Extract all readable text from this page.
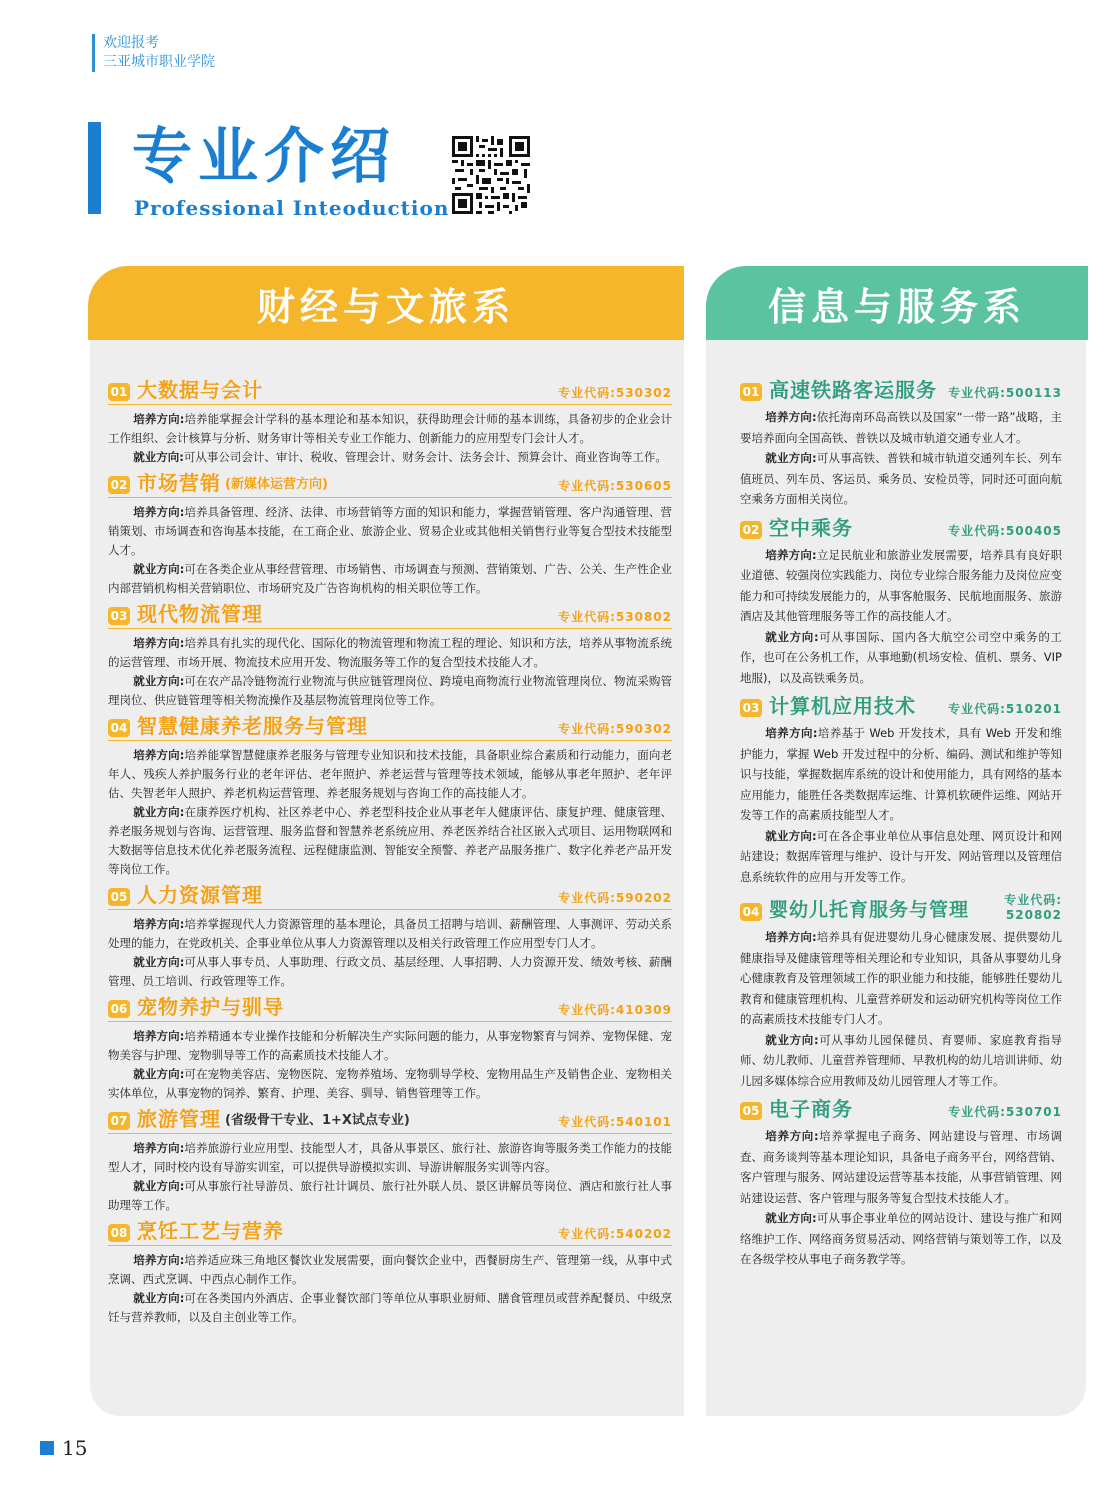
欢迎报考
三亚城市职业学院
专业介绍
Professional Inteoduction
财经与文旅系	信息与服务系
01 大数据与会计	专业代码:530302

培养方向:培养能掌握会计学科的基本理论和基本知识，获得助理会计师的基本训练，具备初步的企业会计工作组织、会计核算与分析、财务审计等相关专业工作能力、创新能力的应用型专门会计人才。

就业方向:可从事公司会计、审计、税收、管理会计、财务会计、法务会计、预算会计、商业咨询等工作。

02 市场营销 (新媒体运营方向)	专业代码:530605

培养方向:培养具备管理、经济、法律、市场营销等方面的知识和能力，掌握营销管理、客户沟通管理、营销策划、市场调查和咨询基本技能，在工商企业、旅游企业、贸易企业或其他相关销售行业等复合型技术技能型人才。

就业方向:可在各类企业从事经营管理、市场销售、市场调查与预测、营销策划、广告、公关、生产性企业内部营销机构相关营销职位、市场研究及广告咨询机构的相关职位等工作。

03 现代物流管理	专业代码:530802

培养方向:培养具有扎实的现代化、国际化的物流管理和物流工程的理论、知识和方法，培养从事物流系统的运营管理、市场开展、物流技术应用开发、物流服务等工作的复合型技术技能人才。

就业方向:可在农产品冷链物流行业物流与供应链管理岗位、跨境电商物流行业物流管理岗位、物流采购管理岗位、供应链管理等相关物流操作及基层物流管理岗位等工作。

04 智慧健康养老服务与管理	专业代码:590302

培养方向:培养能掌智慧健康养老服务与管理专业知识和技术技能，具备职业综合素质和行动能力，面向老年人、残疾人养护服务行业的老年评估、老年照护、养老运营与管理等技术领域，能够从事老年照护、老年评估、失智老年人照护、养老机构运营管理、养老服务规划与咨询工作的高技能人才。

就业方向:在康养医疗机构、社区养老中心、养老型科技企业从事老年人健康评估、康复护理、健康管理、养老服务规划与咨询、运营管理、服务监督和智慧养老系统应用、养老医养结合社区嵌入式项目、运用物联网和大数据等信息技术优化养老服务流程、远程健康监测、智能安全预警、养老产品服务推广、数字化养老产品开发等岗位工作。

05 人力资源管理	专业代码:590202

培养方向:培养掌握现代人力资源管理的基本理论，具备员工招聘与培训、薪酬管理、人事测评、劳动关系处理的能力，在党政机关、企事业单位从事人力资源管理以及相关行政管理工作应用型专门人才。

就业方向:可从事人事专员、人事助理、行政文员、基层经理、人事招聘、人力资源开发、绩效考核、薪酬管理、员工培训、行政管理等工作。

06 宠物养护与驯导	专业代码:410309

培养方向:培养精通本专业操作技能和分析解决生产实际问题的能力，从事宠物繁育与饲养、宠物保健、宠物美容与护理、宠物驯导等工作的高素质技术技能人才。

就业方向:可在宠物美容店、宠物医院、宠物养殖场、宠物驯导学校、宠物用品生产及销售企业、宠物相关实体单位，从事宠物的饲养、繁育、护理、美容、驯导、销售管理等工作。

07 旅游管理 (省级骨干专业、1+X试点专业)	专业代码:540101

培养方向:培养旅游行业应用型、技能型人才，具备从事景区、旅行社、旅游咨询等服务类工作能力的技能型人才，同时校内设有导游实训室，可以提供导游模拟实训、导游讲解服务实训等内容。

就业方向:可从事旅行社导游员、旅行社计调员、旅行社外联人员、景区讲解员等岗位、酒店和旅行社人事助理等工作。

08 烹饪工艺与营养	专业代码:540202

培养方向:培养适应珠三角地区餐饮业发展需要，面向餐饮企业中，西餐厨房生产、管理第一线，从事中式烹调、西式烹调、中西点心制作工作。

就业方向:可在各类国内外酒店、企事业餐饮部门等单位从事职业厨师、膳食管理员或营养配餐员、中级烹饪与营养教师，以及自主创业等工作。

01 高速铁路客运服务 专业代码:500113

培养方向:依托海南环岛高铁以及国家“一带一路”战略，主要培养面向全国高铁、普铁以及城市轨道交通专业人才。

就业方向:可从事高铁、普铁和城市轨道交通列车长、列车值班员、列车员、客运员、乘务员、安检员等，同时还可面向航空乘务方面相关岗位。

02 空中乘务	专业代码:500405

培养方向:立足民航业和旅游业发展需要，培养具有良好职业道德、较强岗位实践能力、岗位专业综合服务能力及岗位应变能力和可持续发展能力的，从事客舱服务、民航地面服务、旅游酒店及其他管理服务等工作的高技能人才。

就业方向:可从事国际、国内各大航空公司空中乘务的工作，也可在公务机工作，从事地勤(机场安检、值机、票务、VIP 地服)，以及高铁乘务员。

03 计算机应用技术	专业代码:510201

培养方向:培养基于 Web 开发技术，具有 Web 开发和维护能力，掌握 Web 开发过程中的分析、编码、测试和维护等知识与技能，掌握数据库系统的设计和使用能力，具有网络的基本应用能力，能胜任各类数据库运维、计算机软硬件运维、网站开发等工作的高素质技能型人才。

就业方向:可在各企事业单位从事信息处理、网页设计和网站建设；数据库管理与维护、设计与开发、网站管理以及管理信息系统软件的应用与开发等工作。

04 婴幼儿托育服务与管理	专业代码:
520802

培养方向:培养具有促进婴幼儿身心健康发展、提供婴幼儿健康指导及健康管理等相关理论和专业知识，具备从事婴幼儿身心健康教育及管理领域工作的职业能力和技能，能够胜任婴幼儿教育和健康管理机构、儿童营养研发和运动研究机构等岗位工作的高素质技术技能专门人才。

就业方向:可从事幼儿园保健员、育婴师、家庭教育指导师、幼儿教师、儿童营养管理师、早教机构的幼儿培训讲师、幼儿园多媒体综合应用教师及幼儿园管理人才等工作。

05 电子商务	专业代码:530701

培养方向:培养掌握电子商务、网站建设与管理、市场调查、商务谈判等基本理论知识，具备电子商务平台，网络营销、客户管理与服务、网站建设运营等基本技能，从事营销管理、网站建设运营、客户管理与服务等复合型技术技能人才。

就业方向:可从事企事业单位的网站设计、建设与推广和网络维护工作、网络商务贸易活动、网络营销与策划等工作，以及在各级学校从事电子商务教学等。

15
